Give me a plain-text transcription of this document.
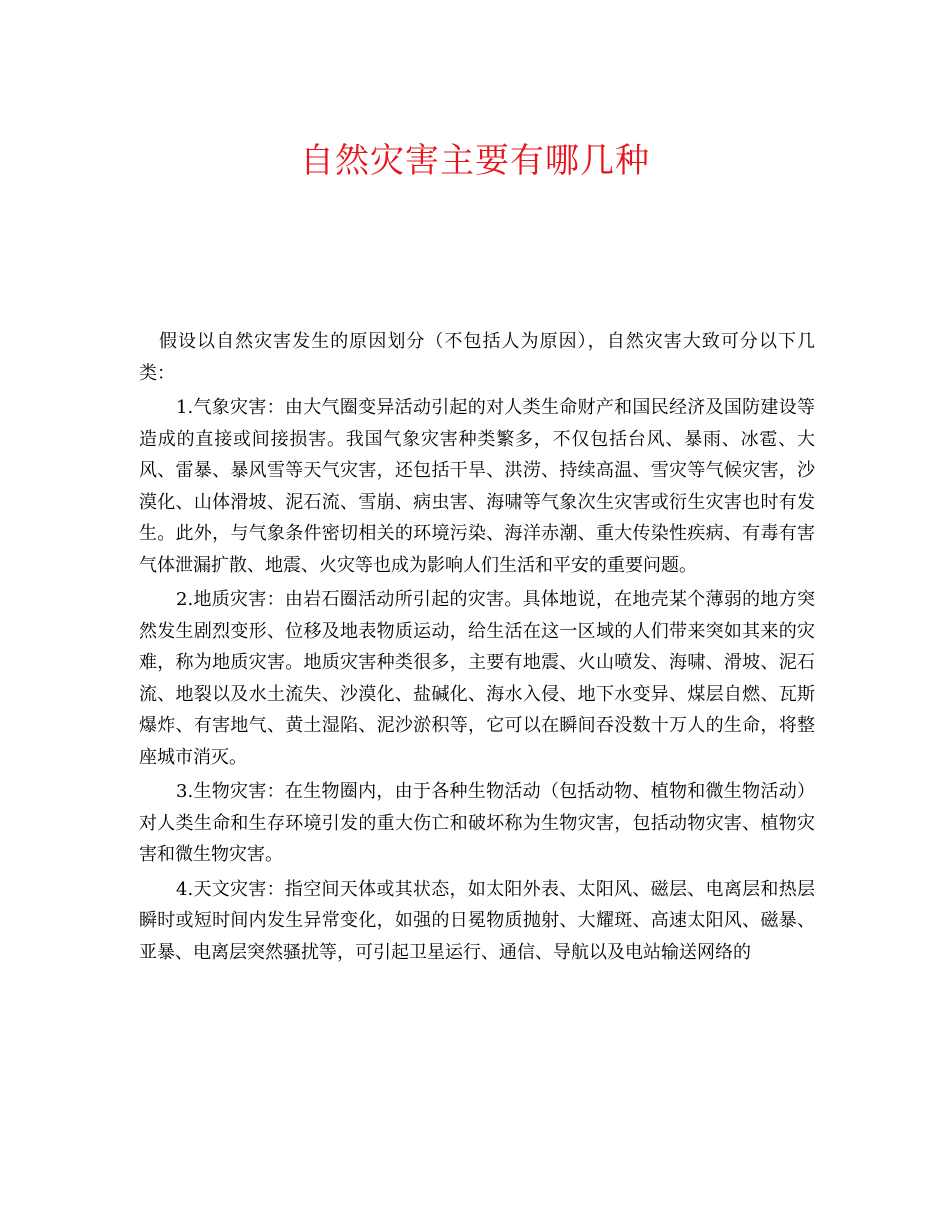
自然灾害主要有哪几种

假设以自然灾害发生的原因划分（不包括人为原因），自然灾害大致可分以下几类：

1.气象灾害：由大气圈变异活动引起的对人类生命财产和国民经济及国防建设等造成的直接或间接损害。我国气象灾害种类繁多，不仅包括台风、暴雨、冰雹、大风、雷暴、暴风雪等天气灾害，还包括干旱、洪涝、持续高温、雪灾等气候灾害，沙漠化、山体滑坡、泥石流、雪崩、病虫害、海啸等气象次生灾害或衍生灾害也时有发生。此外，与气象条件密切相关的环境污染、海洋赤潮、重大传染性疾病、有毒有害气体泄漏扩散、地震、火灾等也成为影响人们生活和平安的重要问题。

2.地质灾害：由岩石圈活动所引起的灾害。具体地说，在地壳某个薄弱的地方突然发生剧烈变形、位移及地表物质运动，给生活在这一区域的人们带来突如其来的灾难，称为地质灾害。地质灾害种类很多，主要有地震、火山喷发、海啸、滑坡、泥石流、地裂以及水土流失、沙漠化、盐碱化、海水入侵、地下水变异、煤层自燃、瓦斯爆炸、有害地气、黄土湿陷、泥沙淤积等，它可以在瞬间吞没数十万人的生命，将整座城市消灭。

3.生物灾害：在生物圈内，由于各种生物活动（包括动物、植物和微生物活动）对人类生命和生存环境引发的重大伤亡和破坏称为生物灾害，包括动物灾害、植物灾害和微生物灾害。

4.天文灾害：指空间天体或其状态，如太阳外表、太阳风、磁层、电离层和热层瞬时或短时间内发生异常变化，如强的日冕物质抛射、大耀斑、高速太阳风、磁暴、亚暴、电离层突然骚扰等，可引起卫星运行、通信、导航以及电站输送网络的
